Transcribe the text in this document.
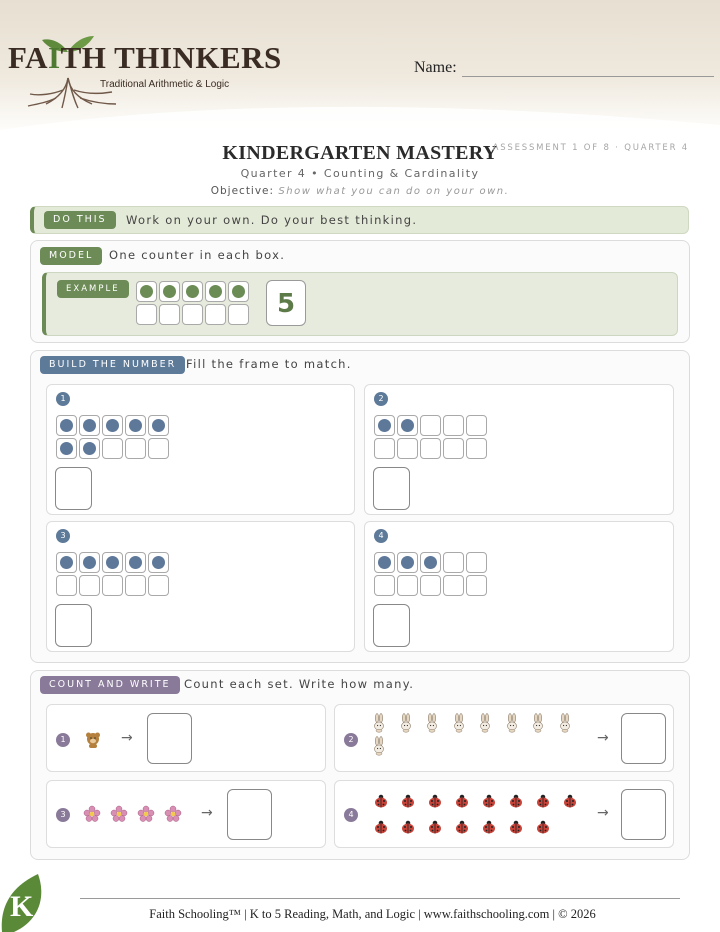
FAITH THINKERS
Traditional Arithmetic & Logic
Name:
KINDERGARTEN MASTERY
ASSESSMENT 1 OF 8 · QUARTER 4
Quarter 4 • Counting & Cardinality
Objective: Show what you can do on your own.
DO THIS	Work on your own. Do your best thinking.
MODEL	One counter in each box.
EXAMPLE	5
BUILD THE NUMBER Fill the frame to match.
1	2
3	4
COUNT AND WRITE	Count each set. Write how many.
1	→	2	→
3	→	4	→
K	Faith Schooling™ | K to 5 Reading, Math, and Logic | www.faithschooling.com | © 2026
